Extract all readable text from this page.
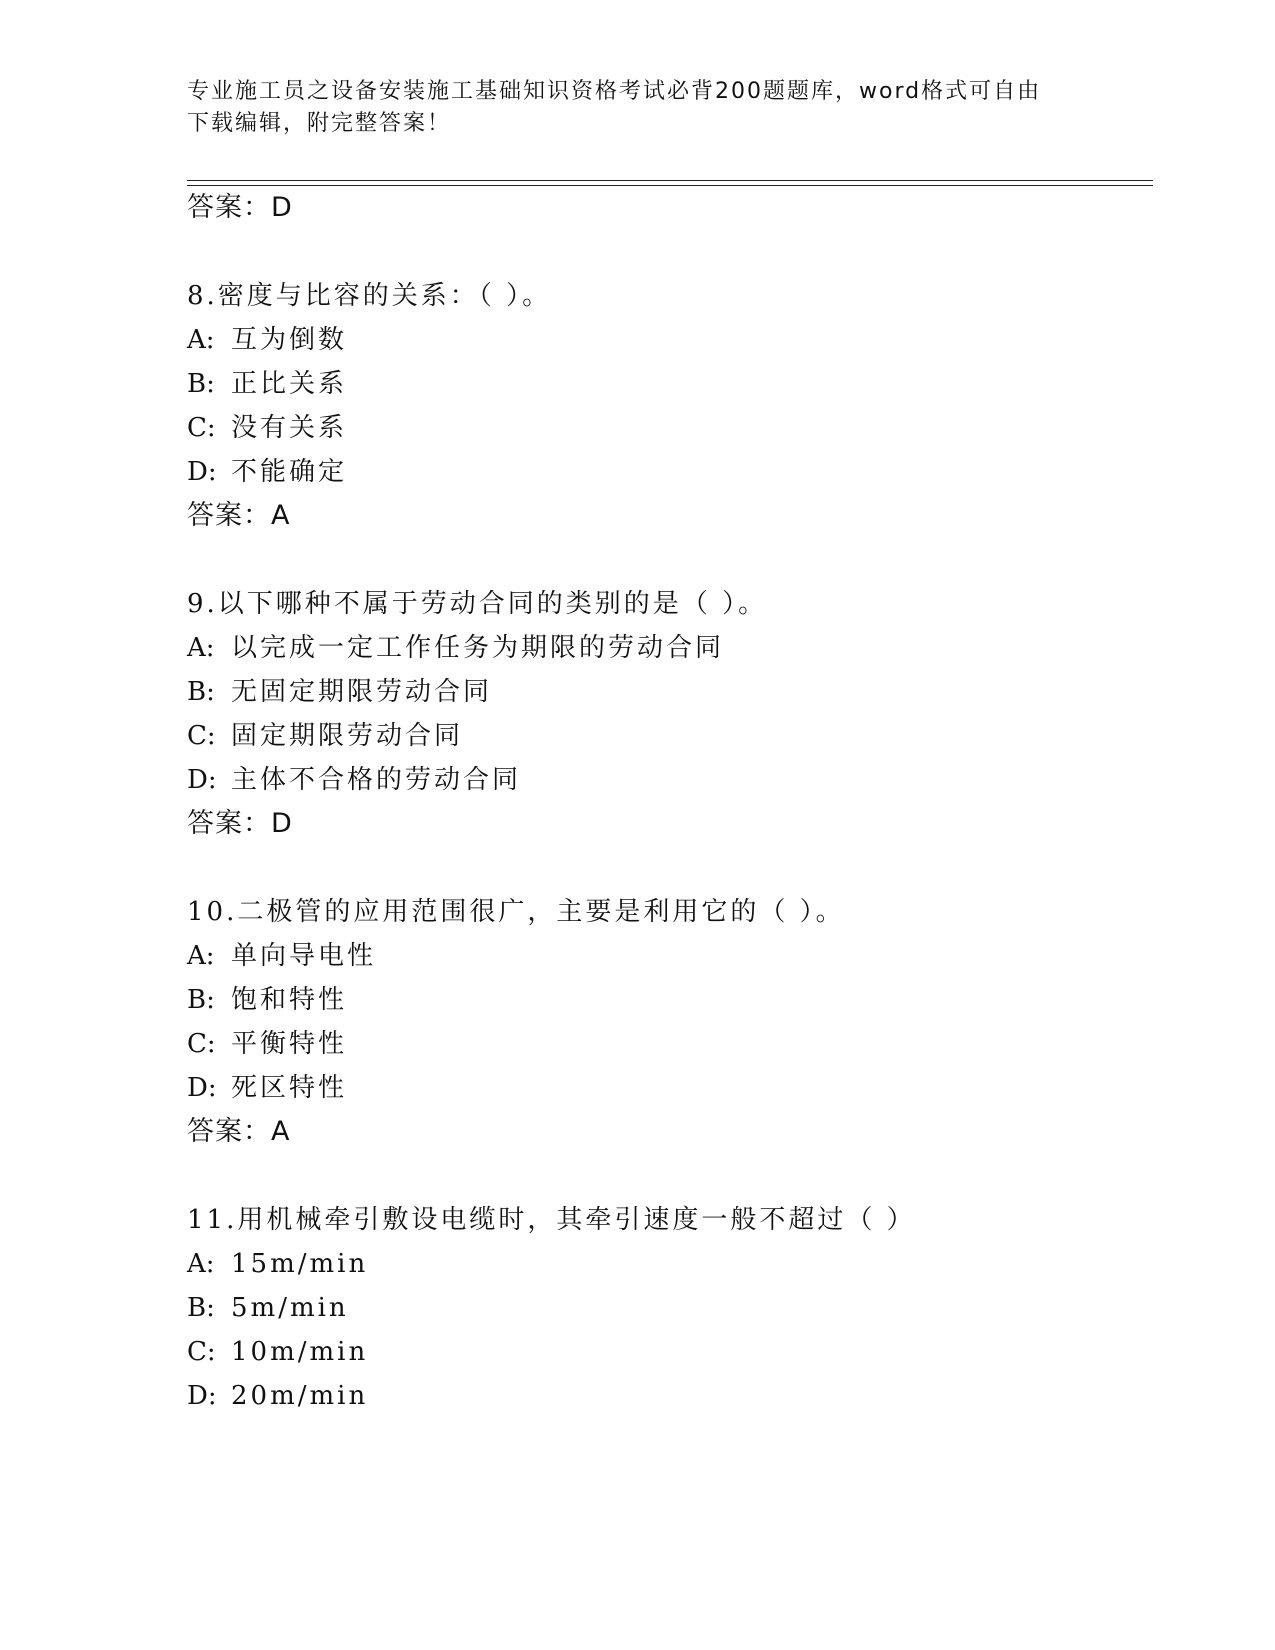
专业施工员之设备安装施工基础知识资格考试必背200题题库，word格式可自由
下载编辑，附完整答案！

答案：D
8.密度与比容的关系：（ ）。
A: 互为倒数
B: 正比关系
C: 没有关系
D: 不能确定
答案：A
9.以下哪种不属于劳动合同的类别的是（ ）。
A: 以完成一定工作任务为期限的劳动合同
B: 无固定期限劳动合同
C: 固定期限劳动合同
D: 主体不合格的劳动合同
答案：D
10.二极管的应用范围很广，主要是利用它的（ ）。
A: 单向导电性
B: 饱和特性
C: 平衡特性
D: 死区特性
答案：A
11.用机械牵引敷设电缆时，其牵引速度一般不超过（ ）
A: 15m/min
B: 5m/min
C: 10m/min
D: 20m/min
